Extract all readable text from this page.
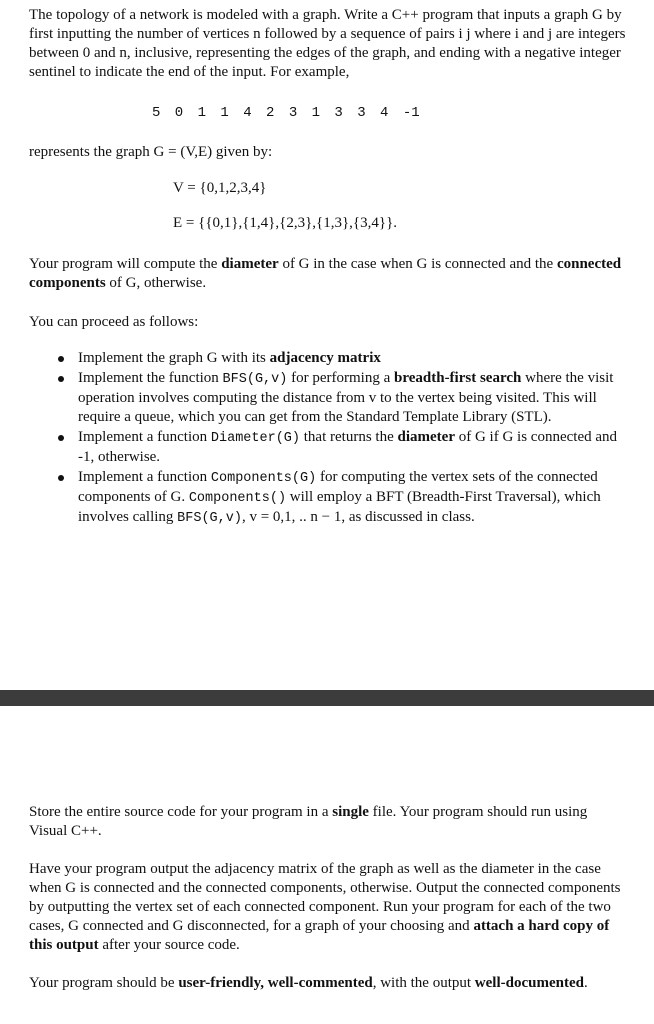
The topology of a network is modeled with a graph. Write a C++ program that inputs a graph G by first inputting the number of vertices n followed by a sequence of pairs i j where i and j are integers between 0 and n, inclusive, representing the edges of the graph, and ending with a negative integer sentinel to indicate the end of the input. For example,

5 0 1 1 4 2 3 1 3 3 4 -1

represents the graph G = (V,E) given by:

V = {0,1,2,3,4}

E = {{0,1},{1,4},{2,3},{1,3},{3,4}}.

Your program will compute the diameter of G in the case when G is connected and the connected components of G, otherwise.

You can proceed as follows:

Implement the graph G with its adjacency matrix
Implement the function BFS(G,v) for performing a breadth-first search where the visit operation involves computing the distance from v to the vertex being visited. This will require a queue, which you can get from the Standard Template Library (STL).
Implement a function Diameter(G) that returns the diameter of G if G is connected and -1, otherwise.
Implement a function Components(G) for computing the vertex sets of the connected components of G. Components() will employ a BFT (Breadth-First Traversal), which involves calling BFS(G,v), v = 0,1, .. n − 1, as discussed in class.

Store the entire source code for your program in a single file. Your program should run using Visual C++.

Have your program output the adjacency matrix of the graph as well as the diameter in the case when G is connected and the connected components, otherwise. Output the connected components by outputting the vertex set of each connected component. Run your program for each of the two cases, G connected and G disconnected, for a graph of your choosing and attach a hard copy of this output after your source code.

Your program should be user-friendly, well-commented, with the output well-documented.
